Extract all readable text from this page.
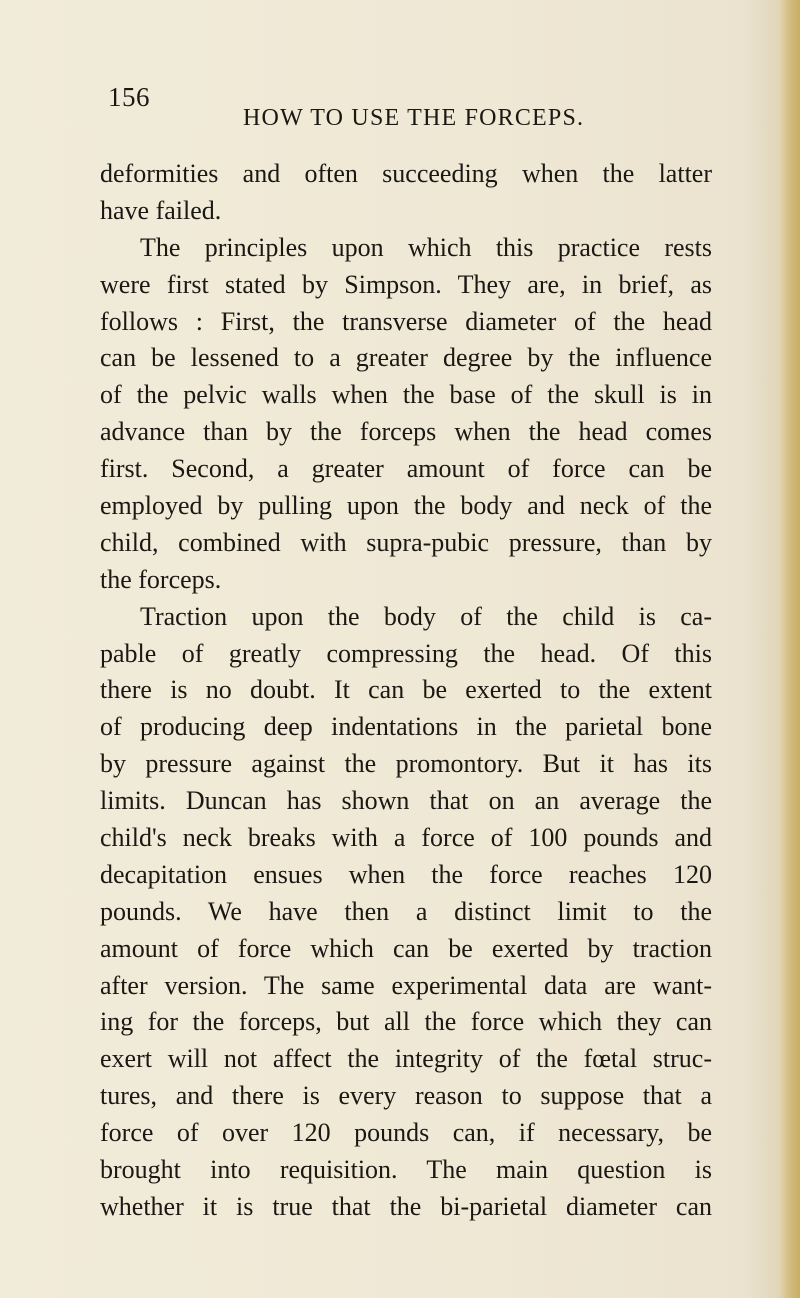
156
HOW TO USE THE FORCEPS.
deformities and often succeeding when the latter
have failed.
The principles upon which this practice rests
were first stated by Simpson. They are, in brief, as
follows : First, the transverse diameter of the head
can be lessened to a greater degree by the influence
of the pelvic walls when the base of the skull is in
advance than by the forceps when the head comes
first. Second, a greater amount of force can be
employed by pulling upon the body and neck of the
child, combined with supra-pubic pressure, than by
the forceps.
Traction upon the body of the child is ca-
pable of greatly compressing the head. Of this
there is no doubt. It can be exerted to the extent
of producing deep indentations in the parietal bone
by pressure against the promontory. But it has its
limits. Duncan has shown that on an average the
child's neck breaks with a force of 100 pounds and
decapitation ensues when the force reaches 120
pounds. We have then a distinct limit to the
amount of force which can be exerted by traction
after version. The same experimental data are want-
ing for the forceps, but all the force which they can
exert will not affect the integrity of the fœtal struc-
tures, and there is every reason to suppose that a
force of over 120 pounds can, if necessary, be
brought into requisition. The main question is
whether it is true that the bi-parietal diameter can
